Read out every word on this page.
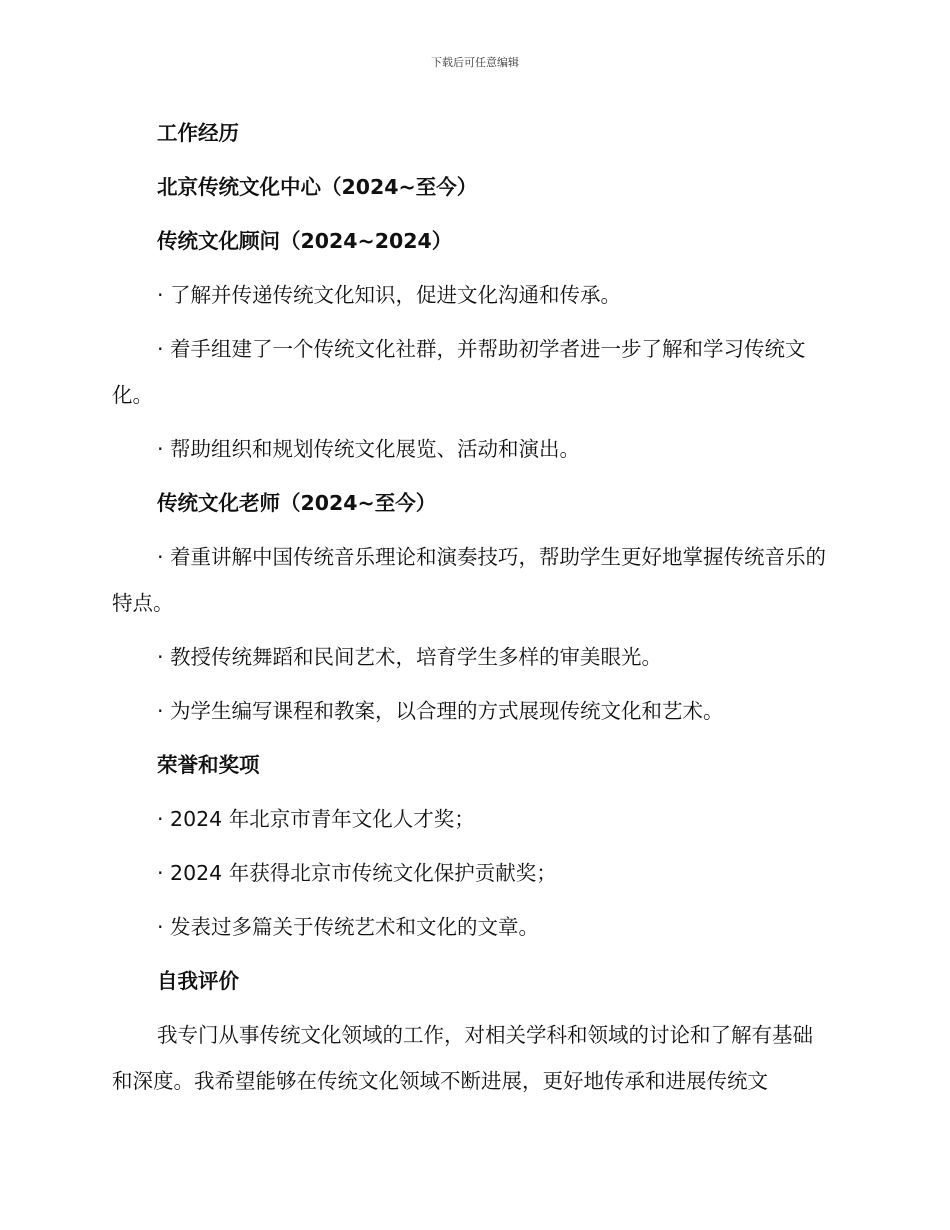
下载后可任意编辑
工作经历
北京传统文化中心（2024~至今）
传统文化顾问（2024~2024）
· 了解并传递传统文化知识，促进文化沟通和传承。
· 着手组建了一个传统文化社群，并帮助初学者进一步了解和学习传统文化。
· 帮助组织和规划传统文化展览、活动和演出。
传统文化老师（2024~至今）
· 着重讲解中国传统音乐理论和演奏技巧，帮助学生更好地掌握传统音乐的特点。
· 教授传统舞蹈和民间艺术，培育学生多样的审美眼光。
· 为学生编写课程和教案，以合理的方式展现传统文化和艺术。
荣誉和奖项
· 2024 年北京市青年文化人才奖；
· 2024 年获得北京市传统文化保护贡献奖；
· 发表过多篇关于传统艺术和文化的文章。
自我评价
我专门从事传统文化领域的工作，对相关学科和领域的讨论和了解有基础和深度。我希望能够在传统文化领域不断进展，更好地传承和进展传统文
